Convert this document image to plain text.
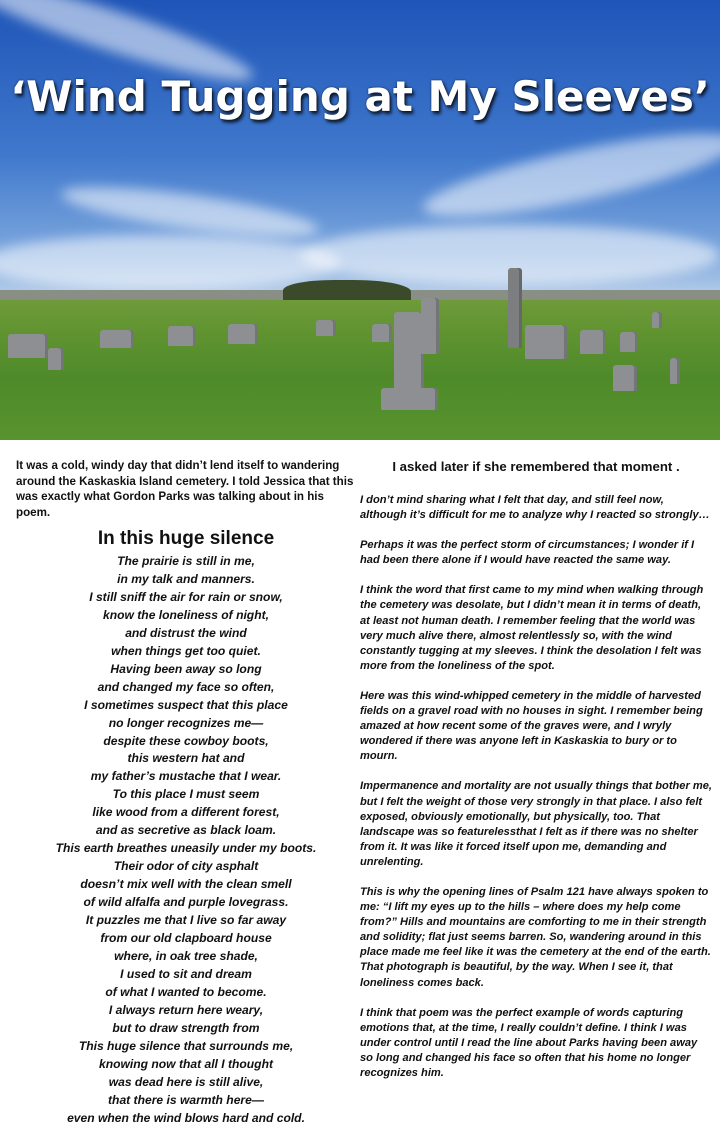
‘Wind Tugging at My Sleeves’

It was a cold, windy day that didn’t lend itself to wandering around the Kaskaskia Island cemetery. I told Jessica that this was exactly what Gordon Parks was talking about in his poem.

In this huge silence
The prairie is still in me,
in my talk and manners.
I still sniff the air for rain or snow,
know the loneliness of night,
and distrust the wind
when things get too quiet.
Having been away so long
and changed my face so often,
I sometimes suspect that this place
no longer recognizes me—
despite these cowboy boots,
this western hat and
my father’s mustache that I wear.
To this place I must seem
like wood from a different forest,
and as secretive as black loam.
This earth breathes uneasily under my boots.
Their odor of city asphalt
doesn’t mix well with the clean smell
of wild alfalfa and purple lovegrass.
It puzzles me that I live so far away
from our old clapboard house
where, in oak tree shade,
I used to sit and dream
of what I wanted to become.
I always return here weary,
but to draw strength from
This huge silence that surrounds me,
knowing now that all I thought
was dead here is still alive,
that there is warmth here—
even when the wind blows hard and cold.
I asked later if she remembered that moment .

I don’t mind sharing what I felt that day, and still feel now, although it’s difficult for me to analyze why I reacted so strongly…

Perhaps it was the perfect storm of circumstances; I wonder if I had been there alone if I would have reacted the same way.

I think the word that first came to my mind when walking through the cemetery was desolate, but I didn’t mean it in terms of death, at least not human death. I remember feeling that the world was very much alive there, almost relentlessly so, with the wind constantly tugging at my sleeves. I think the desolation I felt was more from the loneliness of the spot.

Here was this wind-whipped cemetery in the middle of harvested fields on a gravel road with no houses in sight. I remember being amazed at how recent some of the graves were, and I wryly wondered if there was anyone left in Kaskaskia to bury or to mourn.

Impermanence and mortality are not usually things that bother me, but I felt the weight of those very strongly in that place. I also felt exposed, obviously emotionally, but physically, too. That landscape was so featurelessthat I felt as if there was no shelter from it. It was like it forced itself upon me, demanding and unrelenting.

This is why the opening lines of Psalm 121 have always spoken to me: “I lift my eyes up to the hills – where does my help come from?” Hills and mountains are comforting to me in their strength and solidity; flat just seems barren. So, wandering around in this place made me feel like it was the cemetery at the end of the earth. That photograph is beautiful, by the way. When I see it, that loneliness comes back.

I think that poem was the perfect example of words capturing emotions that, at the time, I really couldn’t define. I think I was under control until I read the line about Parks having been away so long and changed his face so often that his home no longer recognizes him.
